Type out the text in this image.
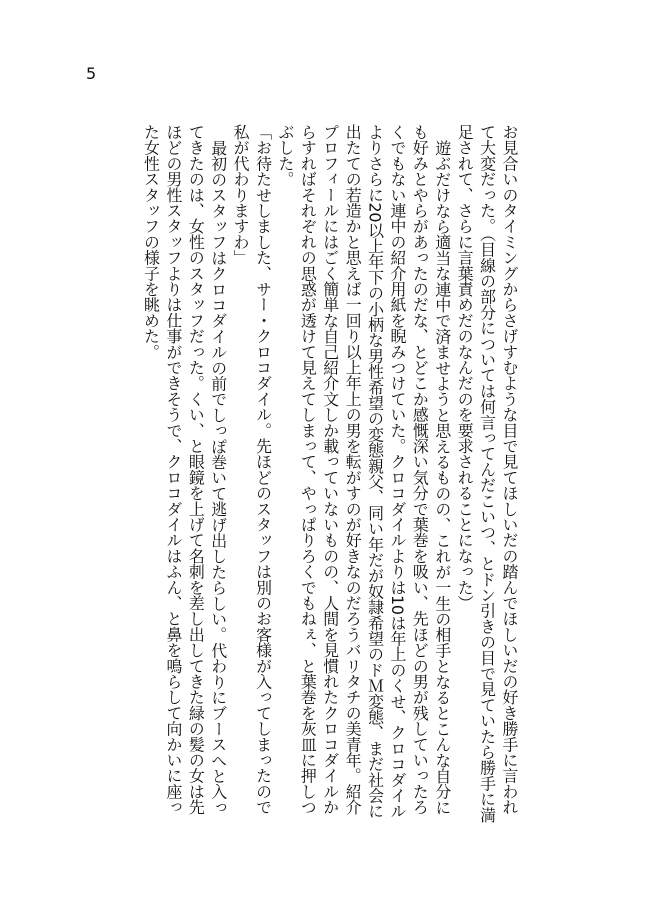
5

お見合いのタイミングからさげすむような目で見てほしいだの踏んでほしいだの好き勝手に言われて大変だった。（目線の部分については何言ってんだこいつ、とドン引きの目で見ていたら勝手に満足されて、さらに言葉責めだのなんだのを要求されることになった）

遊ぶだけなら適当な連中で済ませようと思えるものの、これが一生の相手となるとこんな自分にも好みとやらがあったのだな、とどこか感慨深い気分で葉巻を吸い、先ほどの男が残していったろくでもない連中の紹介用紙を睨みつけていた。クロコダイルよりは10は年上のくせ、クロコダイルよりさらに20以上年下の小柄な男性希望の変態親父、同い年だが奴隷希望のドＭ変態、まだ社会に出たての若造かと思えば一回り以上年上の男を転がすのが好きなのだろうバリタチの美青年。紹介プロフィールにはごく簡単な自己紹介文しか載っていないものの、人間を見慣れたクロコダイルからすればそれぞれの思惑が透けて見えてしまって、やっぱりろくでもねぇ、と葉巻を灰皿に押しつぶした。

「お待たせしました、サー・クロコダイル。先ほどのスタッフは別のお客様が入ってしまったので私が代わりますわ」

最初のスタッフはクロコダイルの前でしっぽ巻いて逃げ出したらしい。代わりにブースへと入ってきたのは、女性のスタッフだった。くい、と眼鏡を上げて名刺を差し出してきた緑の髪の女は先ほどの男性スタッフよりは仕事ができそうで、クロコダイルはふん、と鼻を鳴らして向かいに座った女性スタッフの様子を眺めた。
